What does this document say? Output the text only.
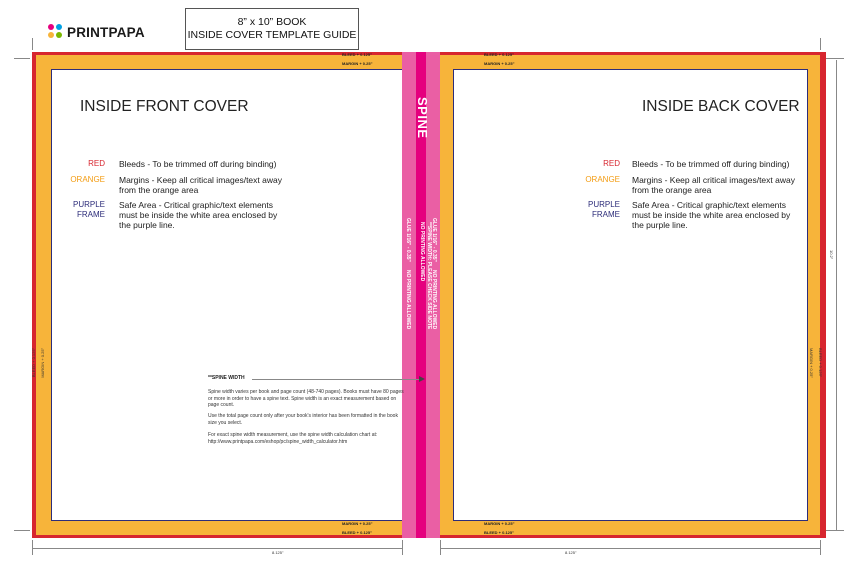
PRINTPAPA
8” x 10” BOOK
INSIDE COVER TEMPLATE GUIDE
BLEED + 0.125"
MARGIN + 0.25"
BLEED + 0.125"
MARGIN + 0.25"
MARGIN + 0.25"
BLEED + 0.125"
MARGIN + 0.25"
BLEED + 0.125"
BLEED + 0.125" MARGIN + 0.25"	MARGIN + 0.25" BLEED + 0.125"
10.2"
8.125"	8.125"
INSIDE FRONT COVER
RED Bleeds - To be trimmed off during binding)
ORANGE Margins - Keep all critical images/text away from the orange area
PURPLE
FRAME
Safe Area - Critical graphic/text elements must be inside the white area enclosed by the purple line.
INSIDE BACK COVER
RED Bleeds - To be trimmed off during binding)
ORANGE Margins - Keep all critical images/text away from the orange area
PURPLE
FRAME
Safe Area - Critical graphic/text elements must be inside the white area enclosed by the purple line.
SPINE
NO PRINTING ALLOWED **SPINE WIDTH: PLEASE CHECK SIDE NOTE
GLUE 1/16" - 0.35"
NO PRINTING ALLOWED
GLUE 1/16" - 0.35"
NO PRINTING ALLOWED
**SPINE WIDTH
Spine width varies per book and page count (48-740 pages). Books must have 80 pages or more in order to have a spine text. Spine width is an exact measurement based on page count.
Use the total page count only after your book's interior has been formatted in the book size you select.
For exact spine width measurement, use the spine width calculation chart at: http://www.printpapa.com/eshop/pc/spine_width_calculator.htm
